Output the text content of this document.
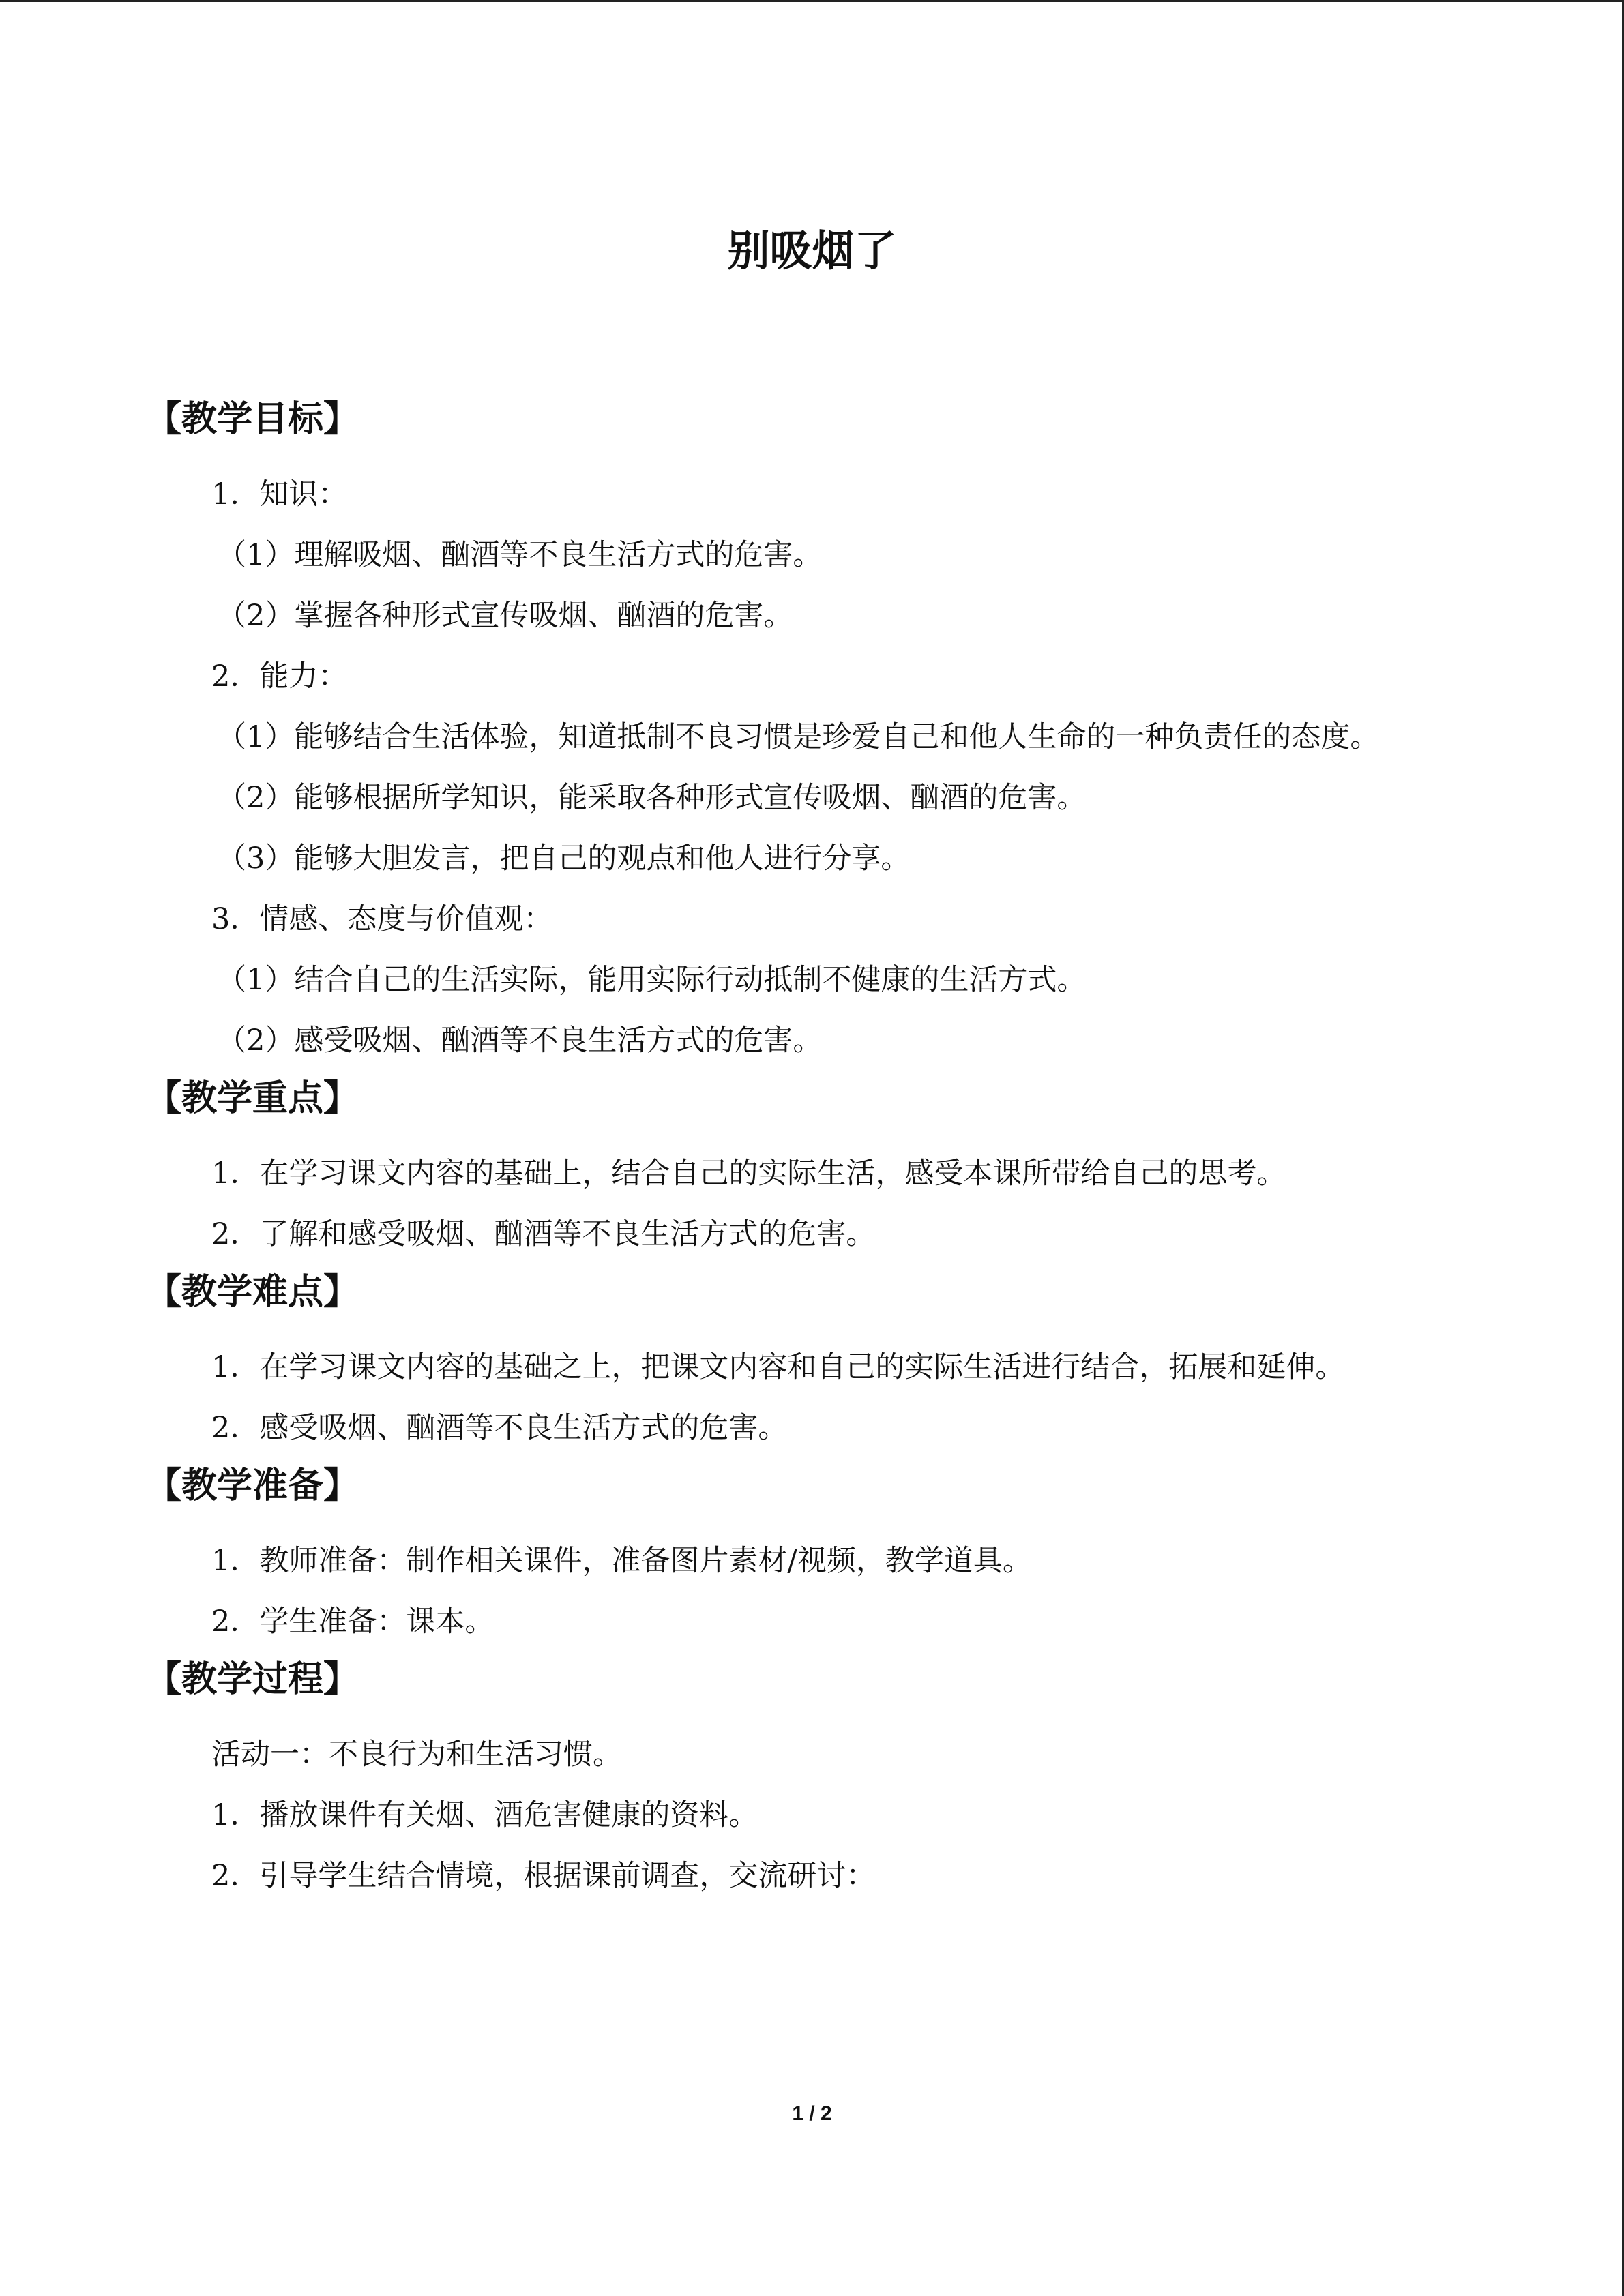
别吸烟了
【教学目标】
1．知识：
（1）理解吸烟、酗酒等不良生活方式的危害。
（2）掌握各种形式宣传吸烟、酗酒的危害。
2．能力：
（1）能够结合生活体验，知道抵制不良习惯是珍爱自己和他人生命的一种负责任的态度。
（2）能够根据所学知识，能采取各种形式宣传吸烟、酗酒的危害。
（3）能够大胆发言，把自己的观点和他人进行分享。
3．情感、态度与价值观：
（1）结合自己的生活实际，能用实际行动抵制不健康的生活方式。
（2）感受吸烟、酗酒等不良生活方式的危害。
【教学重点】
1．在学习课文内容的基础上，结合自己的实际生活，感受本课所带给自己的思考。
2．了解和感受吸烟、酗酒等不良生活方式的危害。
【教学难点】
1．在学习课文内容的基础之上，把课文内容和自己的实际生活进行结合，拓展和延伸。
2．感受吸烟、酗酒等不良生活方式的危害。
【教学准备】
1．教师准备：制作相关课件，准备图片素材/视频，教学道具。
2．学生准备：课本。
【教学过程】
活动一：不良行为和生活习惯。
1．播放课件有关烟、酒危害健康的资料。
2．引导学生结合情境，根据课前调查，交流研讨：
1 / 2
